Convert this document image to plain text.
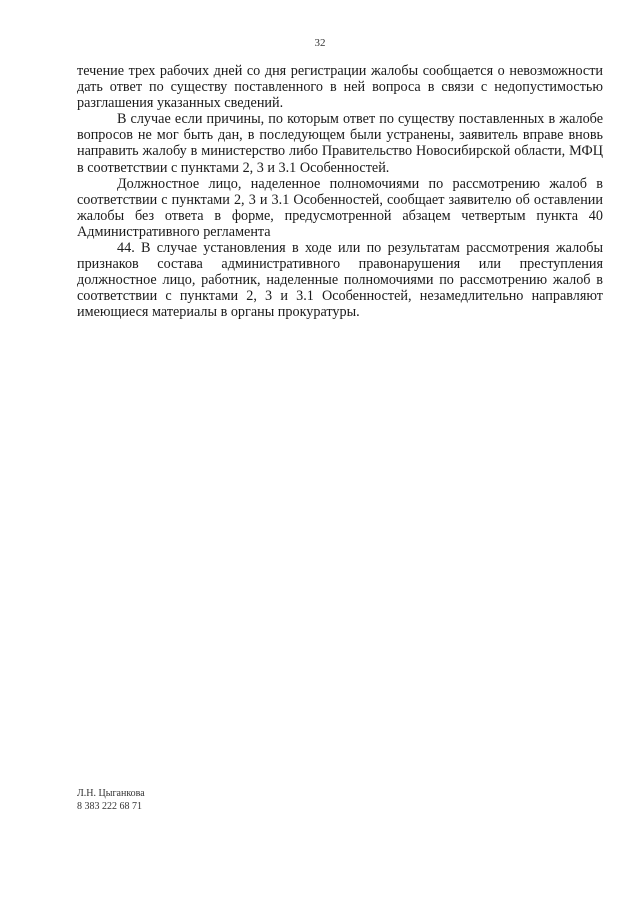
32

течение трех рабочих дней со дня регистрации жалобы сообщается о невозможности дать ответ по существу поставленного в ней вопроса в связи с недопустимостью разглашения указанных сведений.

В случае если причины, по которым ответ по существу поставленных в жалобе вопросов не мог быть дан, в последующем были устранены, заявитель вправе вновь направить жалобу в министерство либо Правительство Новосибирской области, МФЦ в соответствии с пунктами 2, 3 и 3.1 Особенностей.

Должностное лицо, наделенное полномочиями по рассмотрению жалоб в соответствии с пунктами 2, 3 и 3.1 Особенностей, сообщает заявителю об оставлении жалобы без ответа в форме, предусмотренной абзацем четвертым пункта 40 Административного регламента

44. В случае установления в ходе или по результатам рассмотрения жалобы признаков состава административного правонарушения или преступления должностное лицо, работник, наделенные полномочиями по рассмотрению жалоб в соответствии с пунктами 2, 3 и 3.1 Особенностей, незамедлительно направляют имеющиеся материалы в органы прокуратуры.

Л.Н. Цыганкова
8 383 222 68 71
